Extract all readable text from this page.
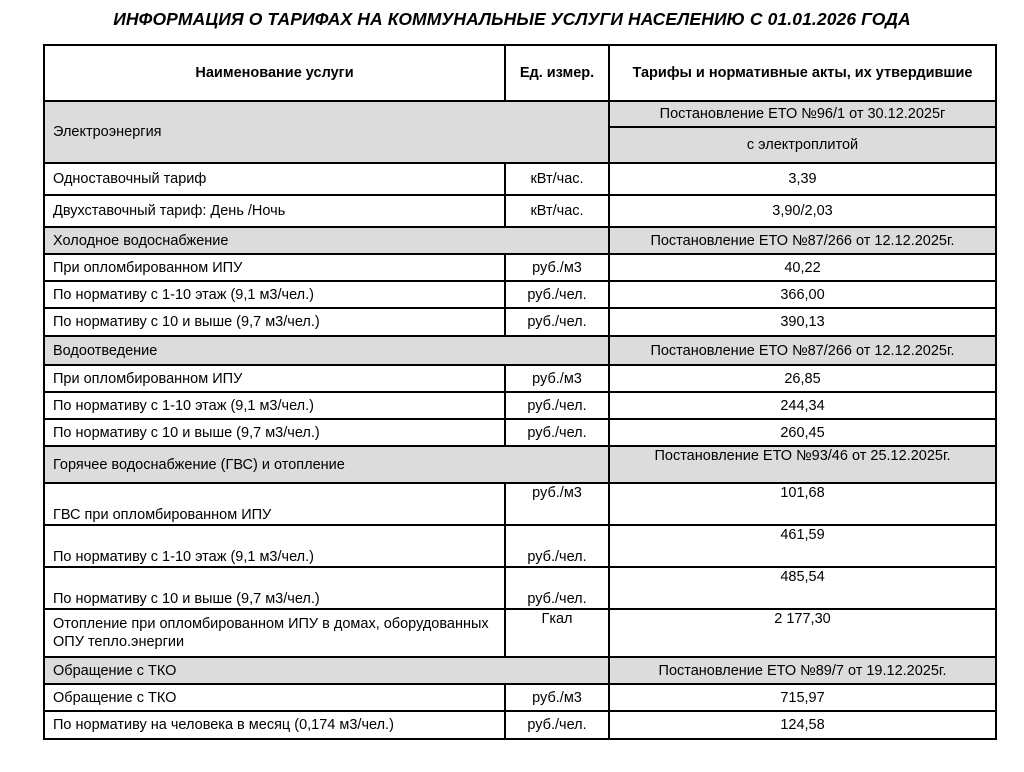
ИНФОРМАЦИЯ О ТАРИФАХ НА КОММУНАЛЬНЫЕ УСЛУГИ НАСЕЛЕНИЮ С 01.01.2026 ГОДА
Наименование услуги	Ед. измер.	Тарифы и нормативные акты, их утвердившие
Электроэнергия		Постановление ЕТО №96/1 от 30.12.2025г
		с электроплитой
Одноставочный тариф	кВт/час.	3,39
Двухставочный тариф: День /Ночь	кВт/час.	3,90/2,03
Холодное водоснабжение		Постановление ЕТО №87/266 от 12.12.2025г.
При опломбированном ИПУ	руб./м3	40,22
По нормативу с 1-10 этаж (9,1 м3/чел.)	руб./чел.	366,00
По нормативу с 10 и выше (9,7 м3/чел.)	руб./чел.	390,13
Водоотведение		Постановление ЕТО №87/266 от 12.12.2025г.
При опломбированном ИПУ	руб./м3	26,85
По нормативу с 1-10 этаж (9,1 м3/чел.)	руб./чел.	244,34
По нормативу с 10 и выше (9,7 м3/чел.)	руб./чел.	260,45
Горячее водоснабжение (ГВС) и отопление		Постановление ЕТО №93/46 от 25.12.2025г.
ГВС при опломбированном ИПУ	руб./м3	101,68
По нормативу с 1-10 этаж (9,1 м3/чел.)	руб./чел.	461,59
По нормативу с 10 и выше (9,7 м3/чел.)	руб./чел.	485,54
Отопление при опломбированном ИПУ в домах, оборудованных ОПУ тепло.энергии	Гкал	2 177,30
Обращение с ТКО		Постановление ЕТО №89/7 от 19.12.2025г.
Обращение с ТКО	руб./м3	715,97
По нормативу на человека в месяц (0,174 м3/чел.)	руб./чел.	124,58
